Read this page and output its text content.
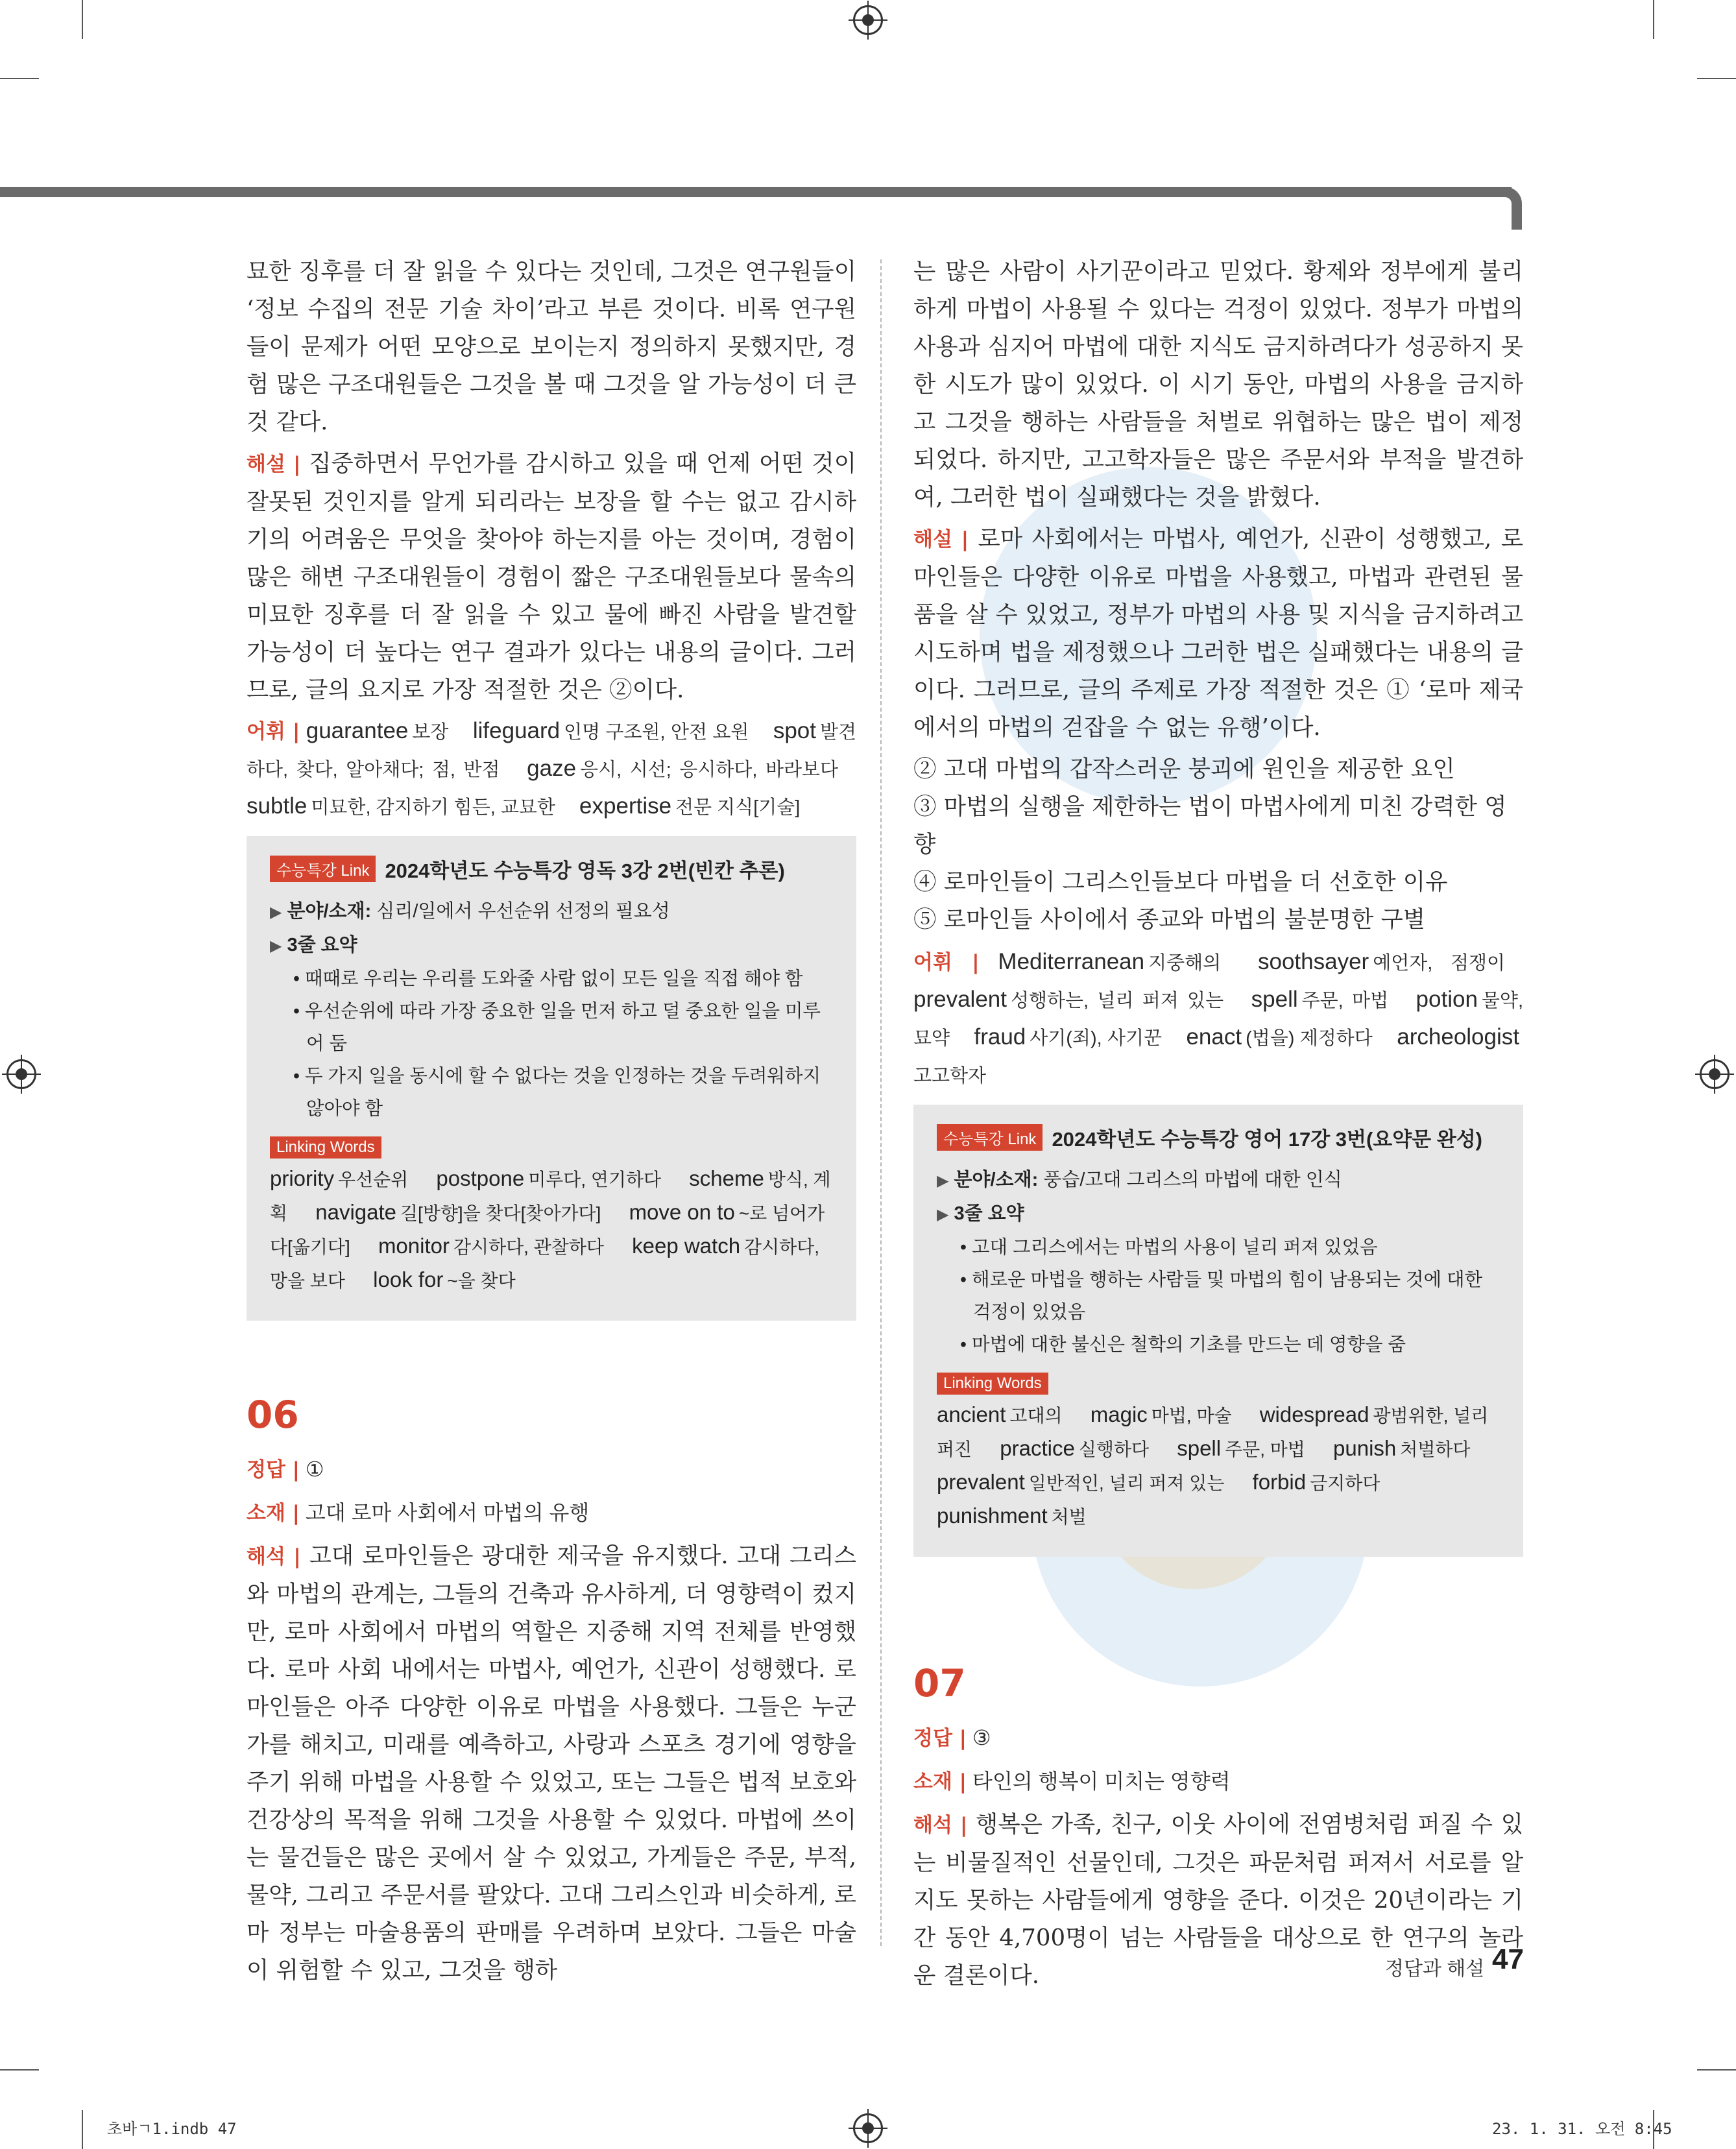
묘한 징후를 더 잘 읽을 수 있다는 것인데, 그것은 연구원들이 ‘정보 수집의 전문 기술 차이’라고 부른 것이다. 비록 연구원들이 문제가 어떤 모양으로 보이는지 정의하지 못했지만, 경험 많은 구조대원들은 그것을 볼 때 그것을 알 가능성이 더 큰 것 같다.

해설 | 집중하면서 무언가를 감시하고 있을 때 언제 어떤 것이 잘못된 것인지를 알게 되리라는 보장을 할 수는 없고 감시하기의 어려움은 무엇을 찾아야 하는지를 아는 것이며, 경험이 많은 해변 구조대원들이 경험이 짧은 구조대원들보다 물속의 미묘한 징후를 더 잘 읽을 수 있고 물에 빠진 사람을 발견할 가능성이 더 높다는 연구 결과가 있다는 내용의 글이다. 그러므로, 글의 요지로 가장 적절한 것은 ②이다.

어휘 | guarantee 보장 lifeguard 인명 구조원, 안전 요원 spot 발견하다, 찾다, 알아채다; 점, 반점 gaze 응시, 시선; 응시하다, 바라보다 subtle 미묘한, 감지하기 힘든, 교묘한 expertise 전문 지식[기술]
수능특강 Link 2024학년도 수능특강 영독 3강 2번(빈칸 추론)
▶ 분야/소재: 심리/일에서 우선순위 선정의 필요성
▶ 3줄 요약
• 때때로 우리는 우리를 도와줄 사람 없이 모든 일을 직접 해야 함
• 우선순위에 따라 가장 중요한 일을 먼저 하고 덜 중요한 일을 미루어 둠
• 두 가지 일을 동시에 할 수 없다는 것을 인정하는 것을 두려워하지 않아야 함
Linking Words
priority 우선순위 postpone 미루다, 연기하다 scheme 방식, 계획 navigate 길[방향]을 찾다[찾아가다] move on to ~로 넘어가다[옮기다] monitor 감시하다, 관찰하다 keep watch 감시하다, 망을 보다 look for ~을 찾다
06
정답 | ①
소재 | 고대 로마 사회에서 마법의 유행

해석 | 고대 로마인들은 광대한 제국을 유지했다. 고대 그리스와 마법의 관계는, 그들의 건축과 유사하게, 더 영향력이 컸지만, 로마 사회에서 마법의 역할은 지중해 지역 전체를 반영했다. 로마 사회 내에서는 마법사, 예언가, 신관이 성행했다. 로마인들은 아주 다양한 이유로 마법을 사용했다. 그들은 누군가를 해치고, 미래를 예측하고, 사랑과 스포츠 경기에 영향을 주기 위해 마법을 사용할 수 있었고, 또는 그들은 법적 보호와 건강상의 목적을 위해 그것을 사용할 수 있었다. 마법에 쓰이는 물건들은 많은 곳에서 살 수 있었고, 가게들은 주문, 부적, 물약, 그리고 주문서를 팔았다. 고대 그리스인과 비슷하게, 로마 정부는 마술용품의 판매를 우려하며 보았다. 그들은 마술이 위험할 수 있고, 그것을 행하

는 많은 사람이 사기꾼이라고 믿었다. 황제와 정부에게 불리하게 마법이 사용될 수 있다는 걱정이 있었다. 정부가 마법의 사용과 심지어 마법에 대한 지식도 금지하려다가 성공하지 못한 시도가 많이 있었다. 이 시기 동안, 마법의 사용을 금지하고 그것을 행하는 사람들을 처벌로 위협하는 많은 법이 제정되었다. 하지만, 고고학자들은 많은 주문서와 부적을 발견하여, 그러한 법이 실패했다는 것을 밝혔다.

해설 | 로마 사회에서는 마법사, 예언가, 신관이 성행했고, 로마인들은 다양한 이유로 마법을 사용했고, 마법과 관련된 물품을 살 수 있었고, 정부가 마법의 사용 및 지식을 금지하려고 시도하며 법을 제정했으나 그러한 법은 실패했다는 내용의 글이다. 그러므로, 글의 주제로 가장 적절한 것은 ① ‘로마 제국에서의 마법의 걷잡을 수 없는 유행’이다.

② 고대 마법의 갑작스러운 붕괴에 원인을 제공한 요인

③ 마법의 실행을 제한하는 법이 마법사에게 미친 강력한 영향

④ 로마인들이 그리스인들보다 마법을 더 선호한 이유

⑤ 로마인들 사이에서 종교와 마법의 불분명한 구별

어휘 | Mediterranean 지중해의 soothsayer 예언자, 점쟁이 prevalent 성행하는, 널리 퍼져 있는 spell 주문, 마법 potion 물약, 묘약 fraud 사기(죄), 사기꾼 enact (법을) 제정하다 archeologist고고학자
수능특강 Link 2024학년도 수능특강 영어 17강 3번(요약문 완성)
▶ 분야/소재: 풍습/고대 그리스의 마법에 대한 인식
▶ 3줄 요약
• 고대 그리스에서는 마법의 사용이 널리 퍼져 있었음
• 해로운 마법을 행하는 사람들 및 마법의 힘이 남용되는 것에 대한 걱정이 있었음
• 마법에 대한 불신은 철학의 기초를 만드는 데 영향을 줌
Linking Words
ancient 고대의 magic 마법, 마술 widespread 광범위한, 널리 퍼진 practice 실행하다 spell 주문, 마법 punish 처벌하다 prevalent 일반적인, 널리 퍼져 있는 forbid 금지하다 punishment 처벌
07
정답 | ③
소재 | 타인의 행복이 미치는 영향력

해석 | 행복은 가족, 친구, 이웃 사이에 전염병처럼 퍼질 수 있는 비물질적인 선물인데, 그것은 파문처럼 퍼져서 서로를 알지도 못하는 사람들에게 영향을 준다. 이것은 20년이라는 기간 동안 4,700명이 넘는 사람들을 대상으로 한 연구의 놀라운 결론이다.	정답과 해설 47
초바ㄱ1.indb 47	23. 1. 31. 오전 8:45
